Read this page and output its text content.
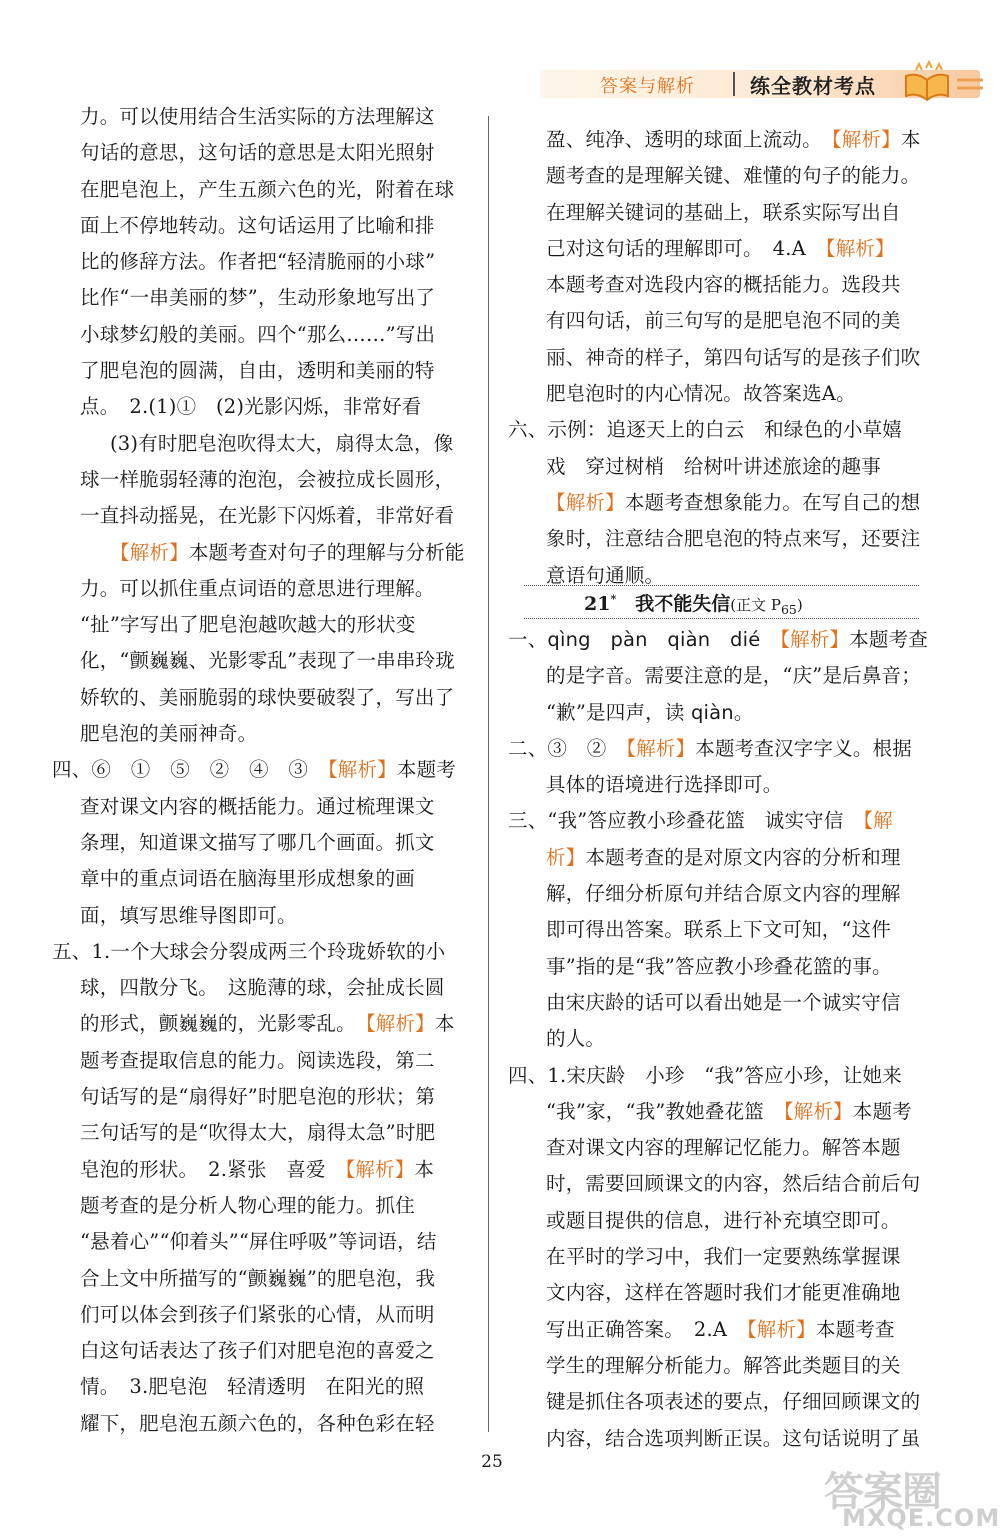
答案与解析	练全教材考点
力。可以使用结合生活实际的方法理解这
句话的意思，这句话的意思是太阳光照射
在肥皂泡上，产生五颜六色的光，附着在球
面上不停地转动。这句话运用了比喻和排
比的修辞方法。作者把“轻清脆丽的小球”
比作“一串美丽的梦”，生动形象地写出了
小球梦幻般的美丽。四个“那么……”写出
了肥皂泡的圆满，自由，透明和美丽的特
点。　2.(1)①　(2)光影闪烁，非常好看
(3)有时肥皂泡吹得太大，扇得太急，像
球一样脆弱轻薄的泡泡，会被拉成长圆形，
一直抖动摇晃，在光影下闪烁着，非常好看
【解析】本题考查对句子的理解与分析能
力。可以抓住重点词语的意思进行理解。
“扯”字写出了肥皂泡越吹越大的形状变
化，“颤巍巍、光影零乱”表现了一串串玲珑
娇软的、美丽脆弱的球快要破裂了，写出了
肥皂泡的美丽神奇。
四、⑥　①　⑤　②　④　③　【解析】本题考
查对课文内容的概括能力。通过梳理课文
条理，知道课文描写了哪几个画面。抓文
章中的重点词语在脑海里形成想象的画
面，填写思维导图即可。
五、1.一个大球会分裂成两三个玲珑娇软的小
球，四散分飞。　这脆薄的球，会扯成长圆
的形式，颤巍巍的，光影零乱。　【解析】本
题考查提取信息的能力。阅读选段，第二
句话写的是“扇得好”时肥皂泡的形状；第
三句话写的是“吹得太大，扇得太急”时肥
皂泡的形状。　2.紧张　喜爱　【解析】本
题考查的是分析人物心理的能力。抓住
“悬着心”“仰着头”“屏住呼吸”等词语，结
合上文中所描写的“颤巍巍”的肥皂泡，我
们可以体会到孩子们紧张的心情，从而明
白这句话表达了孩子们对肥皂泡的喜爱之
情。　3.肥皂泡　轻清透明　在阳光的照
耀下，肥皂泡五颜六色的，各种色彩在轻
盈、纯净、透明的球面上流动。　【解析】本
题考查的是理解关键、难懂的句子的能力。
在理解关键词的基础上，联系实际写出自
己对这句话的理解即可。　4.A　【解析】
本题考查对选段内容的概括能力。选段共
有四句话，前三句写的是肥皂泡不同的美
丽、神奇的样子，第四句话写的是孩子们吹
肥皂泡时的内心情况。故答案选A。
六、示例：追逐天上的白云　和绿色的小草嬉
戏　穿过树梢　给树叶讲述旅途的趣事
【解析】本题考查想象能力。在写自己的想
象时，注意结合肥皂泡的特点来写，还要注
意语句通顺。
21*  我不能失信(正文 $P_{65}$)
一、qìng　pàn　qiàn　dié　【解析】本题考查
的是字音。需要注意的是，“庆”是后鼻音；
“歉”是四声，读 qiàn。
二、③　②　【解析】本题考查汉字字义。根据
具体的语境进行选择即可。
三、“我”答应教小珍叠花篮　诚实守信　【解
析】本题考查的是对原文内容的分析和理
解，仔细分析原句并结合原文内容的理解
即可得出答案。联系上下文可知，“这件
事”指的是“我”答应教小珍叠花篮的事。
由宋庆龄的话可以看出她是一个诚实守信
的人。
四、1.宋庆龄　小珍　“我”答应小珍，让她来
“我”家，“我”教她叠花篮　【解析】本题考
查对课文内容的理解记忆能力。解答本题
时，需要回顾课文的内容，然后结合前后句
或题目提供的信息，进行补充填空即可。
在平时的学习中，我们一定要熟练掌握课
文内容，这样在答题时我们才能更准确地
写出正确答案。　2.A　【解析】本题考查
学生的理解分析能力。解答此类题目的关
键是抓住各项表述的要点，仔细回顾课文的
内容，结合选项判断正误。这句话说明了虽
25
答案圈
MXQE.COM
